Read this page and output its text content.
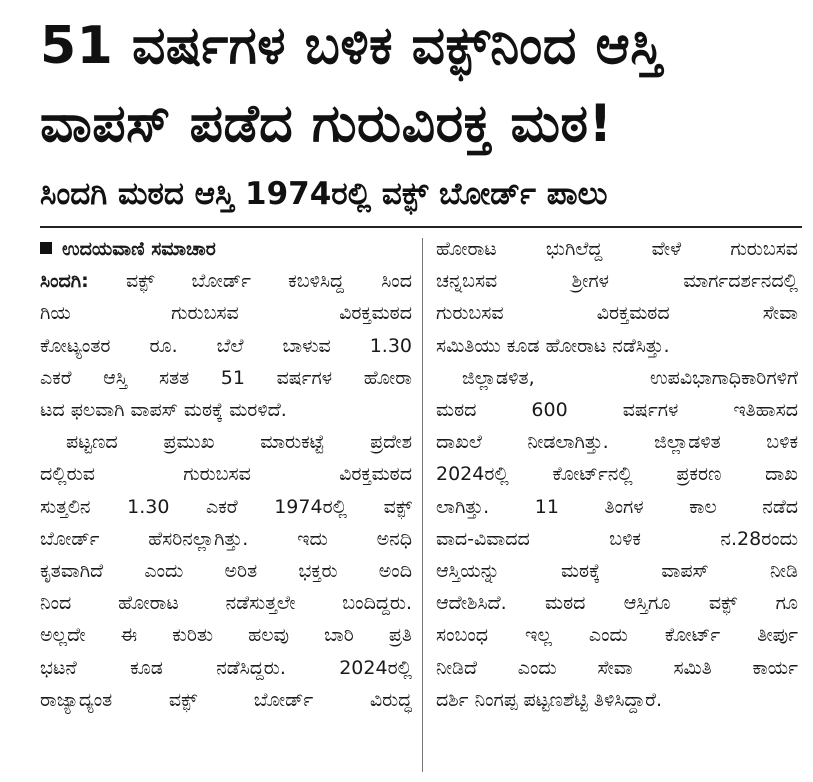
51 ವರ್ಷಗಳ ಬಳಿಕ ವಕ್ಫ್‌ನಿಂದ ಆಸ್ತಿ
ವಾಪಸ್ ಪಡೆದ ಗುರುವಿರಕ್ತ ಮಠ!
ಸಿಂದಗಿ ಮಠದ ಆಸ್ತಿ 1974ರಲ್ಲಿ ವಕ್ಫ್ ಬೋರ್ಡ್ ಪಾಲು
ಉದಯವಾಣಿ ಸಮಾಚಾರ
ಸಿಂದಗಿ: ವಕ್ಫ್ ಬೋರ್ಡ್ ಕಬಳಿಸಿದ್ದ ಸಿಂದ
ಗಿಯ ಗುರುಬಸವ ವಿರಕ್ತಮಠದ
ಕೋಟ್ಯಂತರ ರೂ. ಬೆಲೆ ಬಾಳುವ 1.30
ಎಕರೆ ಆಸ್ತಿ ಸತತ 51 ವರ್ಷಗಳ ಹೋರಾ
ಟದ ಫಲವಾಗಿ ವಾಪಸ್ ಮಠಕ್ಕೆ ಮರಳಿದೆ.
ಪಟ್ಟಣದ ಪ್ರಮುಖ ಮಾರುಕಟ್ಟೆ ಪ್ರದೇಶ
ದಲ್ಲಿರುವ ಗುರುಬಸವ ವಿರಕ್ತಮಠದ
ಸುತ್ತಲಿನ 1.30 ಎಕರೆ 1974ರಲ್ಲಿ ವಕ್ಫ್
ಬೋರ್ಡ್ ಹೆಸರಿನಲ್ಲಾಗಿತ್ತು. ಇದು ಅನಧಿ
ಕೃತವಾಗಿದೆ ಎಂದು ಅರಿತ ಭಕ್ತರು ಅಂದಿ
ನಿಂದ ಹೋರಾಟ ನಡೆಸುತ್ತಲೇ ಬಂದಿದ್ದರು.
ಅಲ್ಲದೇ ಈ ಕುರಿತು ಹಲವು ಬಾರಿ ಪ್ರತಿ
ಭಟನೆ ಕೂಡ ನಡೆಸಿದ್ದರು. 2024ರಲ್ಲಿ
ರಾಜ್ಯಾದ್ಯಂತ ವಕ್ಫ್ ಬೋರ್ಡ್ ವಿರುದ್ಧ
ಹೋರಾಟ ಭುಗಿಲೆದ್ದ ವೇಳೆ ಗುರುಬಸವ
ಚನ್ನಬಸವ ಶ್ರೀಗಳ ಮಾರ್ಗದರ್ಶನದಲ್ಲಿ
ಗುರುಬಸವ ವಿರಕ್ತಮಠದ ಸೇವಾ
ಸಮಿತಿಯು ಕೂಡ ಹೋರಾಟ ನಡೆಸಿತ್ತು.
ಜಿಲ್ಲಾಡಳಿತ, ಉಪವಿಭಾಗಾಧಿಕಾರಿಗಳಿಗೆ
ಮಠದ 600 ವರ್ಷಗಳ ಇತಿಹಾಸದ
ದಾಖಲೆ ನೀಡಲಾಗಿತ್ತು. ಜಿಲ್ಲಾಡಳಿತ ಬಳಿಕ
2024ರಲ್ಲಿ ಕೋರ್ಟ್‌ನಲ್ಲಿ ಪ್ರಕರಣ ದಾಖ
ಲಾಗಿತ್ತು. 11 ತಿಂಗಳ ಕಾಲ ನಡೆದ
ವಾದ-ವಿವಾದದ ಬಳಿಕ ನ.28ರಂದು
ಆಸ್ತಿಯನ್ನು ಮಠಕ್ಕೆ ವಾಪಸ್ ನೀಡಿ
ಆದೇಶಿಸಿದೆ. ಮಠದ ಆಸ್ತಿಗೂ ವಕ್ಫ್ ಗೂ
ಸಂಬಂಧ ಇಲ್ಲ ಎಂದು ಕೋರ್ಟ್ ತೀರ್ಪು
ನೀಡಿದೆ ಎಂದು ಸೇವಾ ಸಮಿತಿ ಕಾರ್ಯ
ದರ್ಶಿ ನಿಂಗಪ್ಪ ಪಟ್ಟಣಶೆಟ್ಟಿ ತಿಳಿಸಿದ್ದಾರೆ.
